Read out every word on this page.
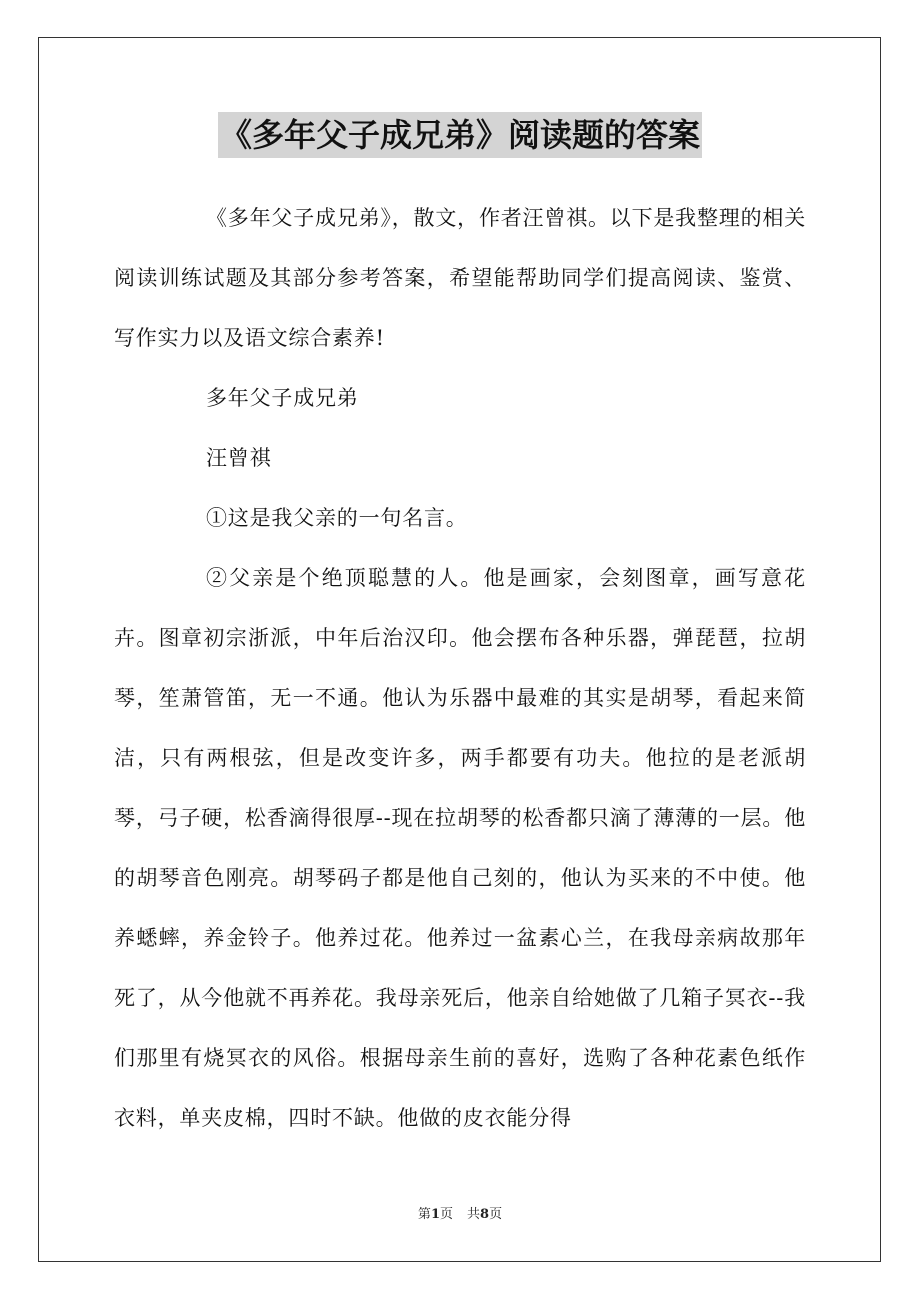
《多年父子成兄弟》阅读题的答案

《多年父子成兄弟》，散文，作者汪曾祺。以下是我整理的相关阅读训练试题及其部分参考答案，希望能帮助同学们提高阅读、鉴赏、写作实力以及语文综合素养!

多年父子成兄弟

汪曾祺

①这是我父亲的一句名言。

②父亲是个绝顶聪慧的人。他是画家，会刻图章，画写意花卉。图章初宗浙派，中年后治汉印。他会摆布各种乐器，弹琵琶，拉胡琴，笙萧管笛，无一不通。他认为乐器中最难的其实是胡琴，看起来简洁，只有两根弦，但是改变许多，两手都要有功夫。他拉的是老派胡琴，弓子硬，松香滴得很厚--现在拉胡琴的松香都只滴了薄薄的一层。他的胡琴音色刚亮。胡琴码子都是他自己刻的，他认为买来的不中使。他养蟋蟀，养金铃子。他养过花。他养过一盆素心兰，在我母亲病故那年死了，从今他就不再养花。我母亲死后，他亲自给她做了几箱子冥衣--我们那里有烧冥衣的风俗。根据母亲生前的喜好，选购了各种花素色纸作衣料，单夹皮棉，四时不缺。他做的皮衣能分得

第1页 共8页
